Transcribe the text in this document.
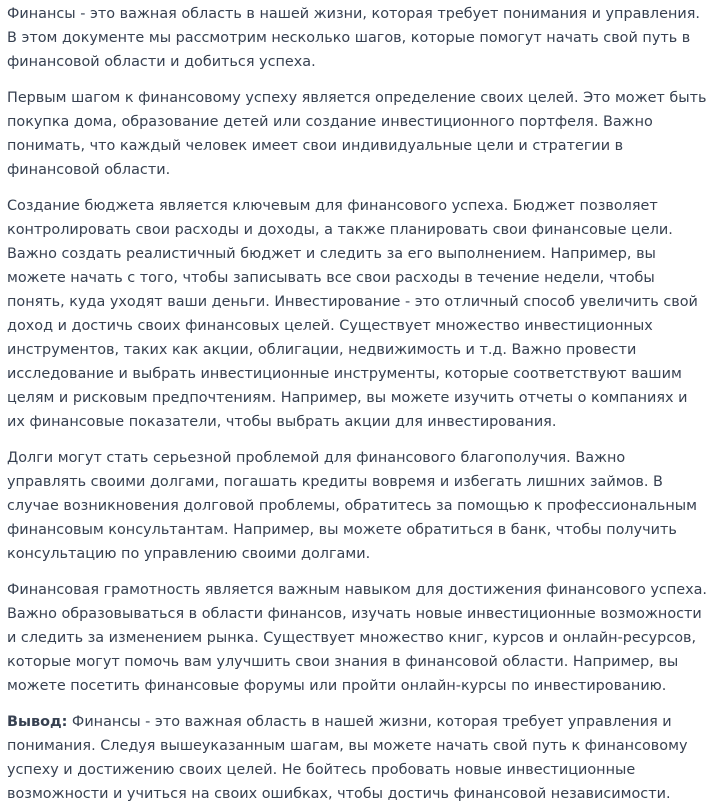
Финансы - это важная область в нашей жизни, которая требует понимания и управления. В этом документе мы рассмотрим несколько шагов, которые помогут начать свой путь в финансовой области и добиться успеха.

Первым шагом к финансовому успеху является определение своих целей. Это может быть покупка дома, образование детей или создание инвестиционного портфеля. Важно понимать, что каждый человек имеет свои индивидуальные цели и стратегии в финансовой области.

Создание бюджета является ключевым для финансового успеха. Бюджет позволяет контролировать свои расходы и доходы, а также планировать свои финансовые цели. Важно создать реалистичный бюджет и следить за его выполнением. Например, вы можете начать с того, чтобы записывать все свои расходы в течение недели, чтобы понять, куда уходят ваши деньги. Инвестирование - это отличный способ увеличить свой доход и достичь своих финансовых целей. Существует множество инвестиционных инструментов, таких как акции, облигации, недвижимость и т.д. Важно провести исследование и выбрать инвестиционные инструменты, которые соответствуют вашим целям и рисковым предпочтениям. Например, вы можете изучить отчеты о компаниях и их финансовые показатели, чтобы выбрать акции для инвестирования.

Долги могут стать серьезной проблемой для финансового благополучия. Важно управлять своими долгами, погашать кредиты вовремя и избегать лишних займов. В случае возникновения долговой проблемы, обратитесь за помощью к профессиональным финансовым консультантам. Например, вы можете обратиться в банк, чтобы получить консультацию по управлению своими долгами.

Финансовая грамотность является важным навыком для достижения финансового успеха. Важно образовываться в области финансов, изучать новые инвестиционные возможности и следить за изменением рынка. Существует множество книг, курсов и онлайн-ресурсов, которые могут помочь вам улучшить свои знания в финансовой области. Например, вы можете посетить финансовые форумы или пройти онлайн-курсы по инвестированию.

Вывод: Финансы - это важная область в нашей жизни, которая требует управления и понимания. Следуя вышеуказанным шагам, вы можете начать свой путь к финансовому успеху и достижению своих целей. Не бойтесь пробовать новые инвестиционные возможности и учиться на своих ошибках, чтобы достичь финансовой независимости.
